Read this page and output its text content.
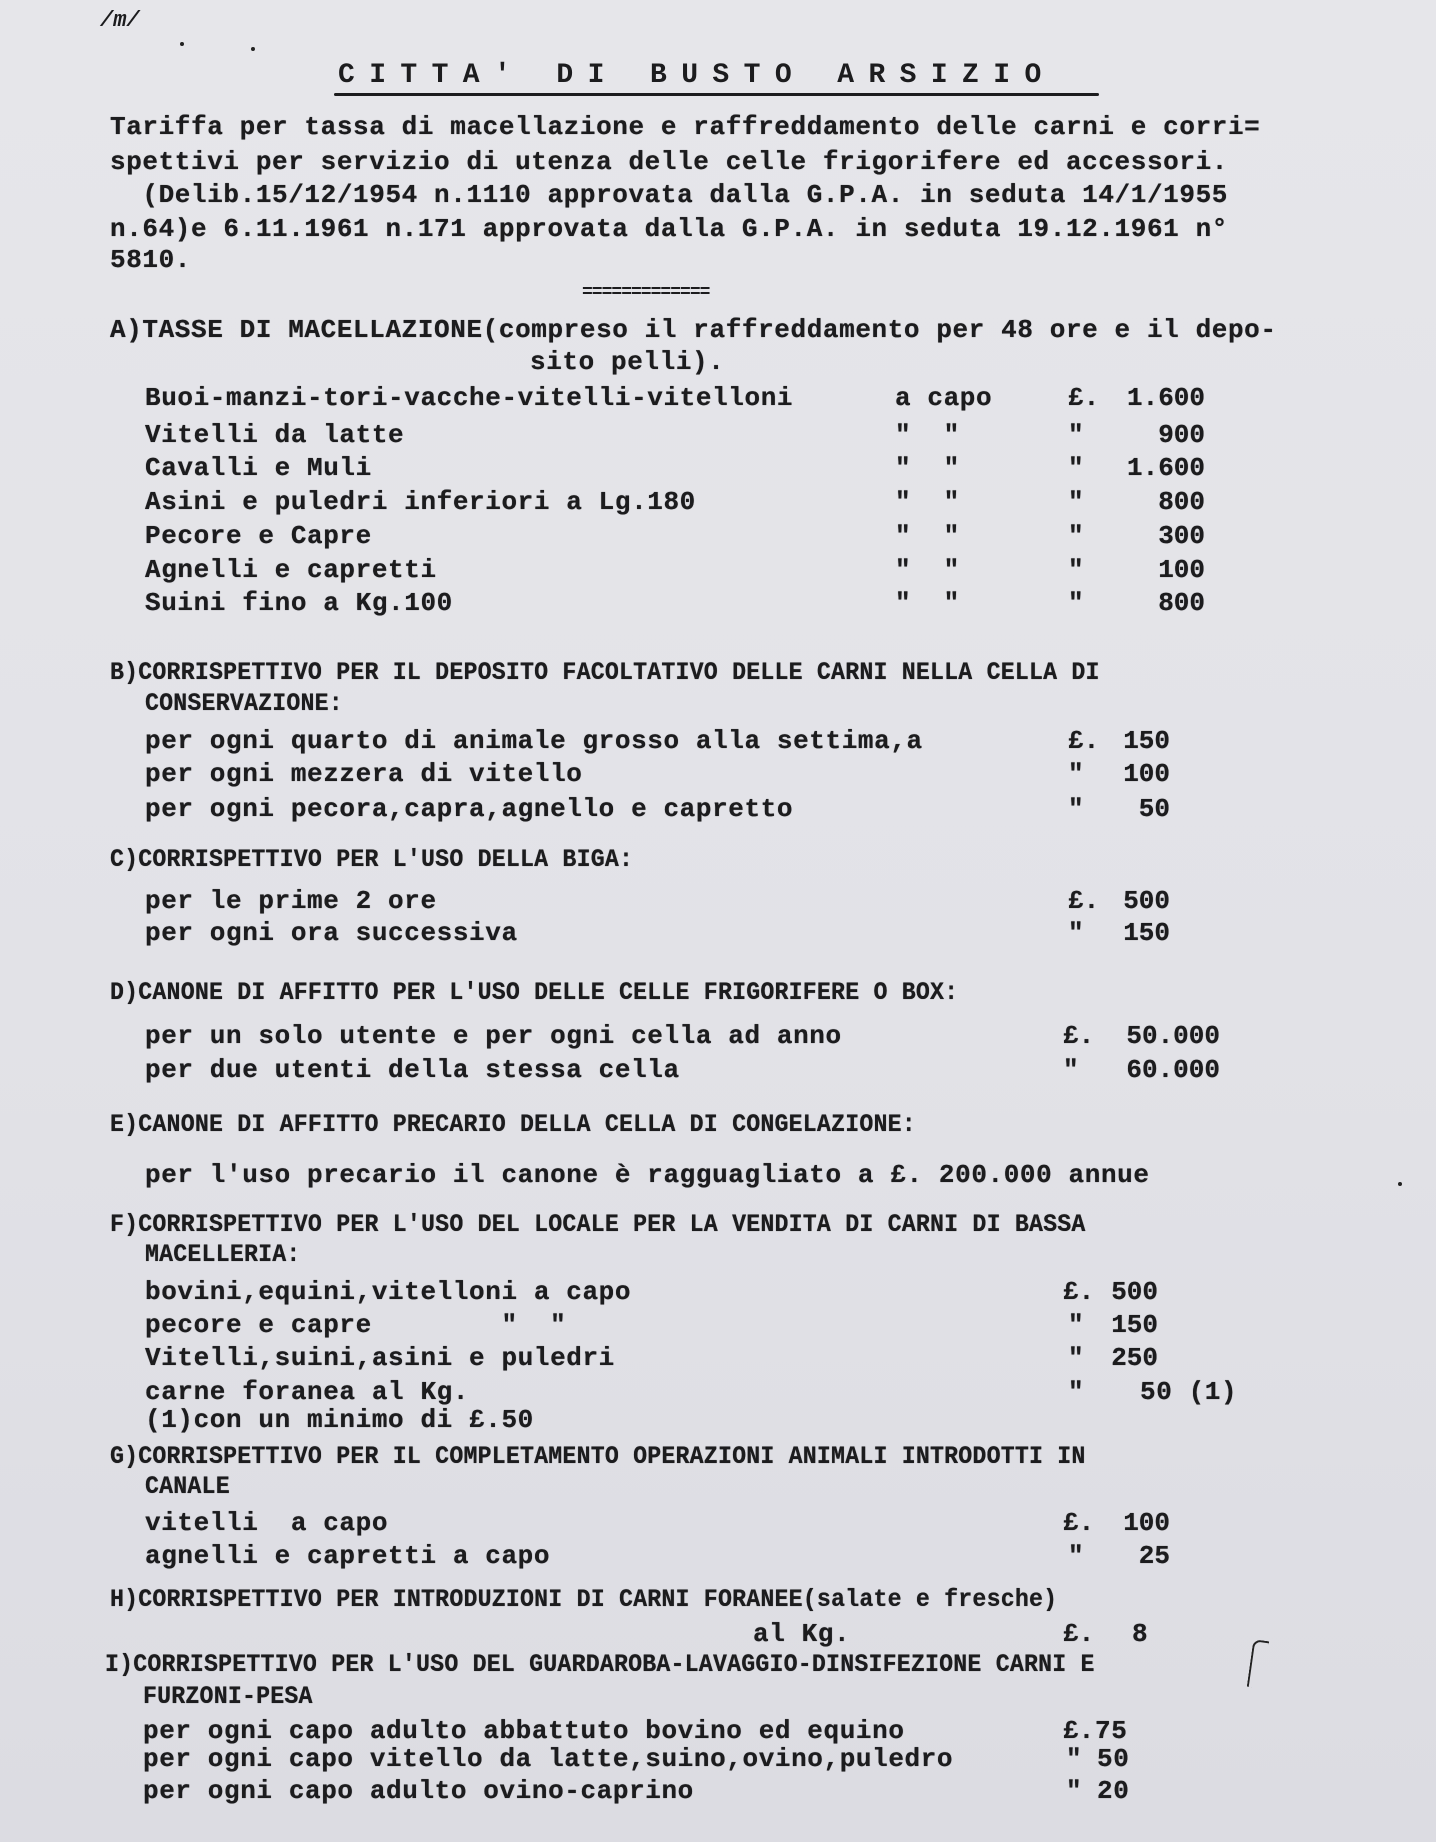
/m/
CITTA' DI BUSTO ARSIZIO
Tariffa per tassa di macellazione e raffreddamento delle carni e corri=
spettivi per servizio di utenza delle celle frigorifere ed accessori.
(Delib.15/12/1954 n.1110 approvata dalla G.P.A. in seduta 14/1/1955
n.64)e 6.11.1961 n.171 approvata dalla G.P.A. in seduta 19.12.1961 n°
5810.
=============
A)TASSE DI MACELLAZIONE(compreso il raffreddamento per 48 ore e il depo-
sito pelli).
Buoi-manzi-tori-vacche-vitelli-vitelloni	a capo	£.	1.600
Vitelli da latte	"  "	"	900
Cavalli e Muli	"  "	"	1.600
Asini e puledri inferiori a Lg.180	"  "	"	800
Pecore e Capre	"  "	"	300
Agnelli e capretti	"  "	"	100
Suini fino a Kg.100	"  "	"	800
B)CORRISPETTIVO PER IL DEPOSITO FACOLTATIVO DELLE CARNI NELLA CELLA DI
CONSERVAZIONE:
per ogni quarto di animale grosso alla settima,a	£. 150
per ogni mezzera di vitello	"	100
per ogni pecora,capra,agnello e capretto	"	50
C)CORRISPETTIVO PER L'USO DELLA BIGA:
per le prime 2 ore	£. 500
per ogni ora successiva	"	150
D)CANONE DI AFFITTO PER L'USO DELLE CELLE FRIGORIFERE O BOX:
per un solo utente e per ogni cella ad anno	£.	50.000
per due utenti della stessa cella	"	60.000
E)CANONE DI AFFITTO PRECARIO DELLA CELLA DI CONGELAZIONE:
per l'uso precario il canone è ragguagliato a £. 200.000 annue
F)CORRISPETTIVO PER L'USO DEL LOCALE PER LA VENDITA DI CARNI DI BASSA
MACELLERIA:
bovini,equini,vitelloni a capo	£. 500
pecore e capre        "  "	"	150
Vitelli,suini,asini e puledri	"	250
carne foranea al Kg.	" 50 (1)
(1)con un minimo di £.50
G)CORRISPETTIVO PER IL COMPLETAMENTO OPERAZIONI ANIMALI INTRODOTTI IN
CANALE
vitelli  a capo	£.	100
agnelli e capretti a capo	"	25
H)CORRISPETTIVO PER INTRODUZIONI DI CARNI FORANEE(salate e fresche)
al Kg.	£. 8
I)CORRISPETTIVO PER L'USO DEL GUARDAROBA-LAVAGGIO-DINSIFEZIONE CARNI E
FURZONI-PESA
per ogni capo adulto abbattuto bovino ed equino	£. 75
per ogni capo vitello da latte,suino,ovino,puledro	" 50
per ogni capo adulto ovino-caprino	" 20
